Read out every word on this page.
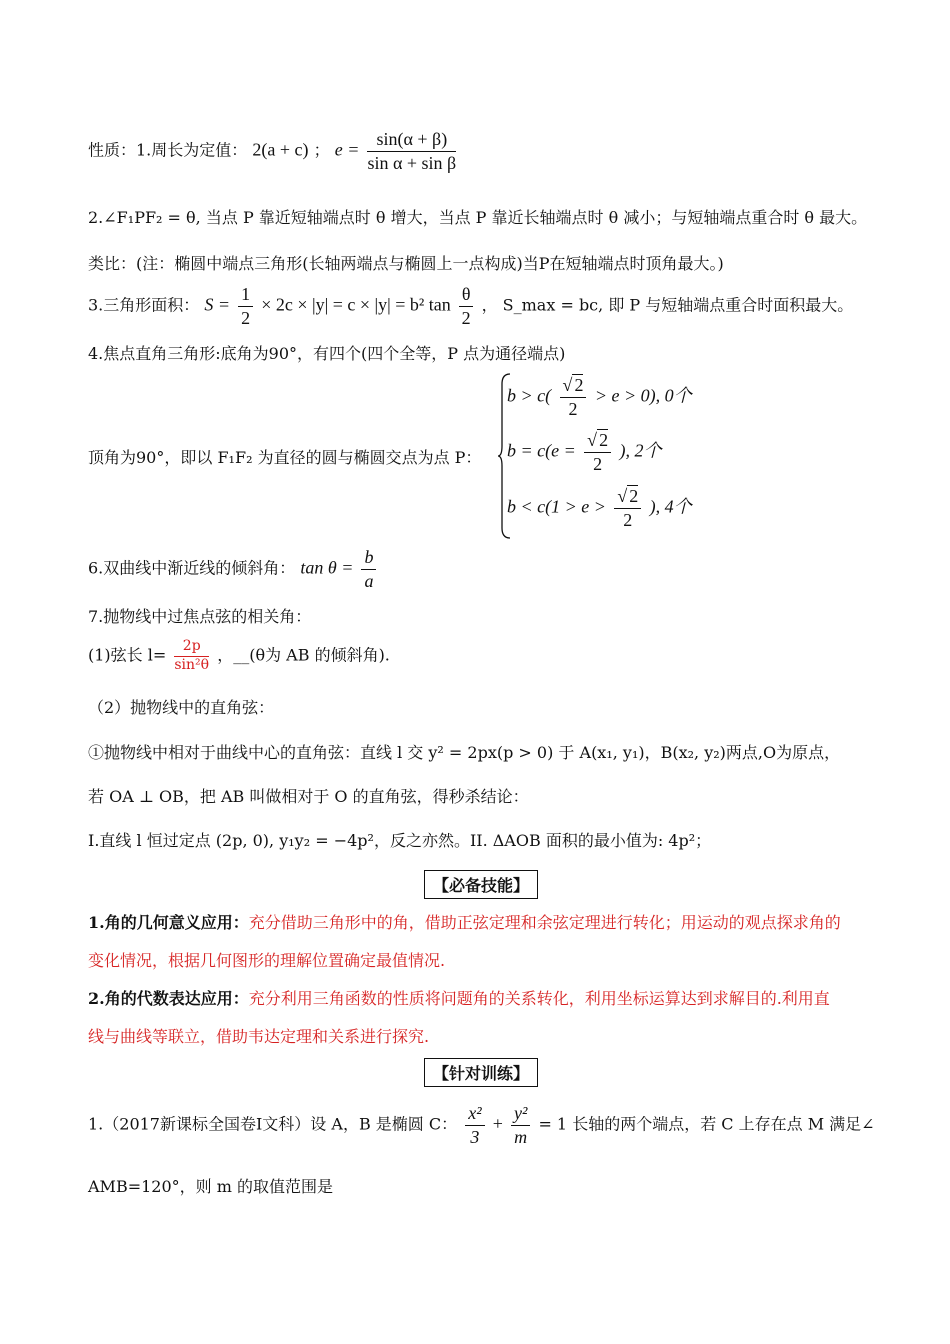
性质：1.周长为定值： 2(a + c) ； $e = \frac{\sin(\alpha + \beta)}{\text{sin α + sin β}}$
2.∠F₁PF₂ = θ, 当点 P 靠近短轴端点时 θ 增大，当点 P 靠近长轴端点时 θ 减小；与短轴端点重合时 θ 最大。
类比：(注：椭圆中端点三角形(长轴两端点与椭圆上一点构成)当P在短轴端点时顶角最大。)
3.三角形面积： $S = \frac{1}{2} \times 2c \times |y| = c \times |y| = b^2$ $\tan \frac{\theta}{2}$ ， S_max = bc, 即 P 与短轴端点重合时面积最大。
4.焦点直角三角形:底角为90°，有四个(四个全等，P 点为通径端点)
顶角为90°，即以 F₁F₂ 为直径的圆与椭圆交点为点 P：
$b > c( \frac{√ 2}{2} > e > 0)$, 0个
$b = c(e = \frac{√ 2}{2}$ ), 2个
$b < c(1 > e > \frac{√ 2}{2}$ ), 4个
6.双曲线中渐近线的倾斜角： $\tan \theta = \frac{b}{a}$
7.抛物线中过焦点弦的相关角：
(1)弦长 $l= \frac{2p}{\text{sin²θ}}$ ，__(θ为 AB 的倾斜角).
（2）抛物线中的直角弦：
①抛物线中相对于曲线中心的直角弦：直线 l 交 y² = 2px(p > 0) 于 A(x₁, y₁)，B(x₂, y₂)两点,O为原点，
若 OA ⊥ OB，把 AB 叫做相对于 O 的直角弦，得秒杀结论：
I.直线 l 恒过定点 (2p, 0), y₁y₂ = −4p²，反之亦然。II. ΔAOB 面积的最小值为: 4p²；
【必备技能】
1.角的几何意义应用：充分借助三角形中的角，借助正弦定理和余弦定理进行转化；用运动的观点探求角的
变化情况，根据几何图形的理解位置确定最值情况.
2.角的代数表达应用：充分利用三角函数的性质将问题角的关系转化，利用坐标运算达到求解目的.利用直
线与曲线等联立，借助韦达定理和关系进行探究.
【针对训练】
1.（2017新课标全国卷Ⅰ文科）设 A，B 是椭圆 C： $\frac{\text{x²}}{3} + \frac{\text{y²}}{m} = 1$ 长轴的两个端点，若 C 上存在点 M 满足∠
AMB=120°，则 m 的取值范围是
